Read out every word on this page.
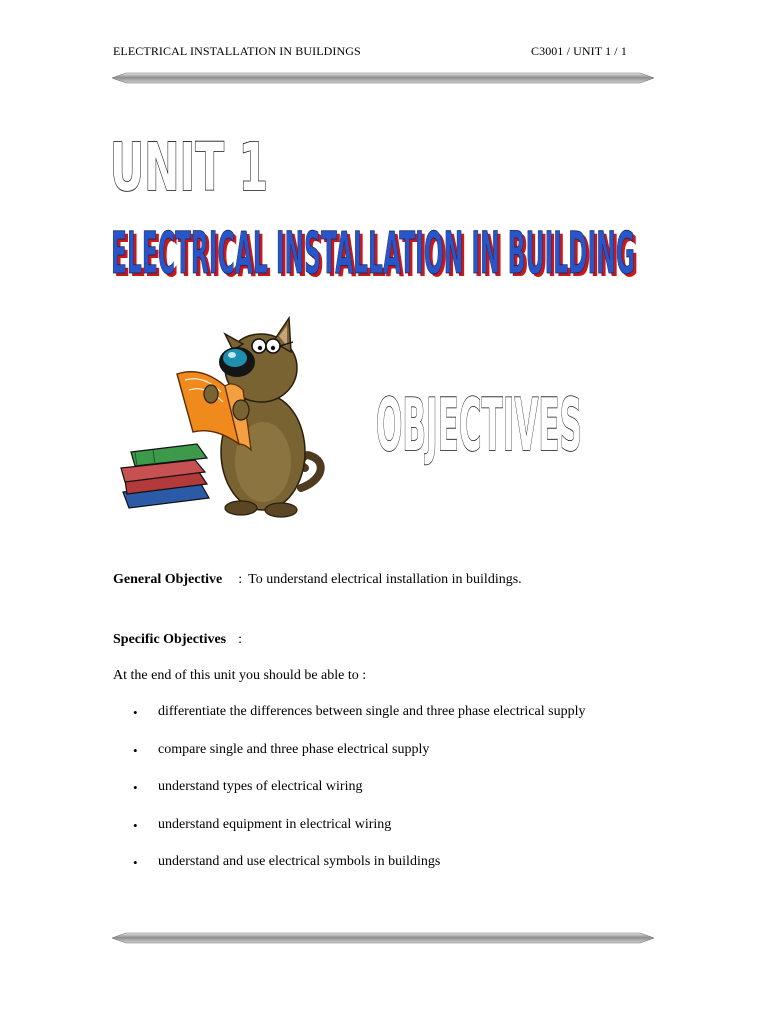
ELECTRICAL INSTALLATION IN BUILDINGS	C3001 / UNIT 1 / 1
UNIT 1
ELECTRICAL INSTALLATION IN BUILDING
ELECTRICAL INSTALLATION IN BUILDING
OBJECTIVES
General Objective : To understand electrical installation in buildings.
Specific Objectives :
At the end of this unit you should be able to :
• differentiate the differences between single and three phase electrical supply
• compare single and three phase electrical supply
• understand types of electrical wiring
• understand equipment in electrical wiring
• understand and use electrical symbols in buildings
